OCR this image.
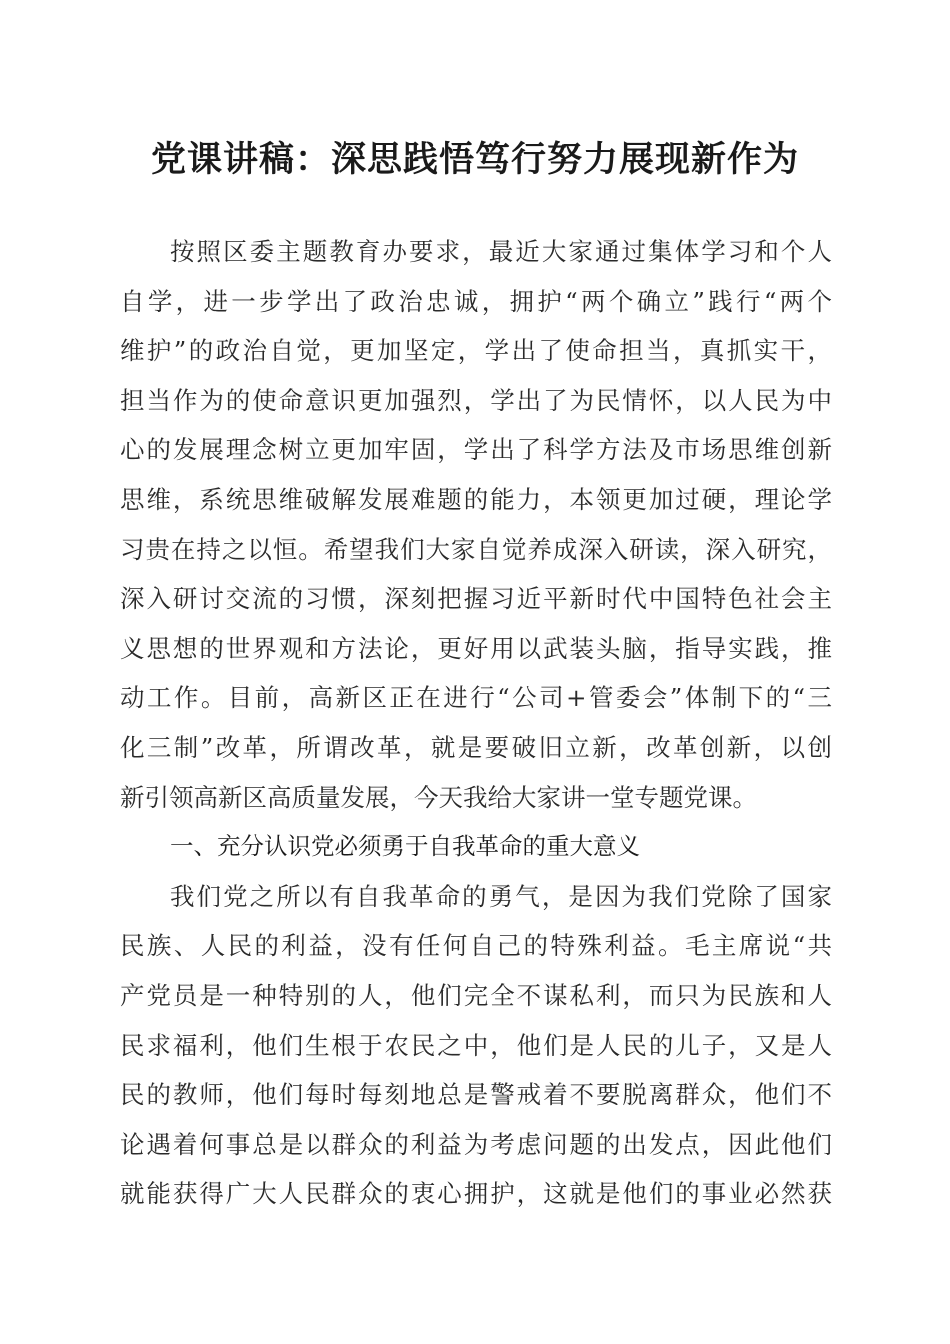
党课讲稿：深思践悟笃行努力展现新作为
按照区委主题教育办要求，最近大家通过集体学习和个人
自学，进一步学出了政治忠诚，拥护“两个确立”践行“两个
维护”的政治自觉，更加坚定，学出了使命担当，真抓实干，
担当作为的使命意识更加强烈，学出了为民情怀，以人民为中
心的发展理念树立更加牢固，学出了科学方法及市场思维创新
思维，系统思维破解发展难题的能力，本领更加过硬，理论学
习贵在持之以恒。希望我们大家自觉养成深入研读，深入研究，
深入研讨交流的习惯，深刻把握习近平新时代中国特色社会主
义思想的世界观和方法论，更好用以武装头脑，指导实践，推
动工作。目前，高新区正在进行“公司+管委会”体制下的“三
化三制”改革，所谓改革，就是要破旧立新，改革创新，以创
新引领高新区高质量发展，今天我给大家讲一堂专题党课。
一、充分认识党必须勇于自我革命的重大意义
我们党之所以有自我革命的勇气，是因为我们党除了国家
民族、人民的利益，没有任何自己的特殊利益。毛主席说“共
产党员是一种特别的人，他们完全不谋私利，而只为民族和人
民求福利，他们生根于农民之中，他们是人民的儿子，又是人
民的教师，他们每时每刻地总是警戒着不要脱离群众，他们不
论遇着何事总是以群众的利益为考虑问题的出发点，因此他们
就能获得广大人民群众的衷心拥护，这就是他们的事业必然获
